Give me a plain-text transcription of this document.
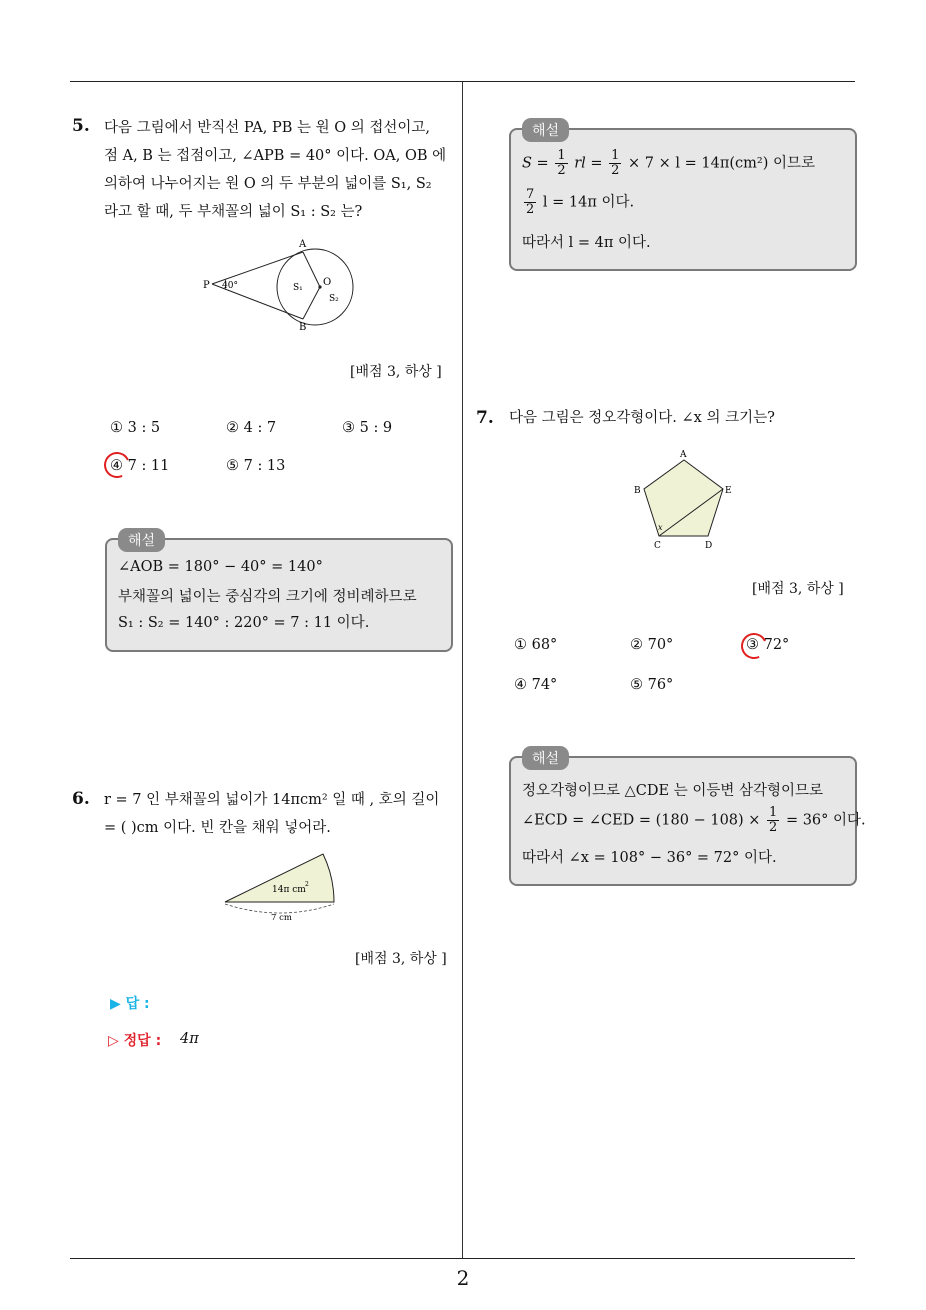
5. 다음 그림에서 반직선 PA, PB 는 원 O 의 접선이고,
점 A, B 는 접점이고, ∠APB = 40° 이다. OA, OB 에
의하여 나누어지는 원 O 의 두 부분의 넓이를 S₁, S₂
라고 할 때, 두 부채꼴의 넓이 S₁ : S₂ 는?
P
A
B
O
40°	S₁
S₂
[배점 3, 하상 ]
① 3 : 5	② 4 : 7	③ 5 : 9
④ 7 : 11	⑤ 7 : 13
해설
∠AOB = 180° − 40° = 140°
부채꼴의 넓이는 중심각의 크기에 정비례하므로
S₁ : S₂ = 140° : 220° = 7 : 11 이다.
6. r = 7 인 부채꼴의 넓이가 14πcm² 일 때 , 호의 길이
= ( )cm 이다. 빈 칸을 채워 넣어라.
14π cm
2
7 cm
[배점 3, 하상 ]
▶ 답 :
▷ 정답 : 4π
해설
$S = \frac{1}{2}$ rl = $\frac{1}{2} \times 7 \times l = 14\pi(cm^2)$ 이므로
$\frac{7}{2}$ l = 14π 이다.
따라서 l = 4π 이다.
7. 다음 그림은 정오각형이다. ∠x 의 크기는?
A
B	E
C	D
x
[배점 3, 하상 ]
① 68°	② 70°	③ 72°
④ 74°	⑤ 76°
해설
정오각형이므로 △CDE 는 이등변 삼각형이므로
∠ECD = ∠CED = $(180 - 108) \times \frac{1}{2} = 36^\circ$ 이다.
따라서 ∠x = 108° − 36° = 72° 이다.
2
